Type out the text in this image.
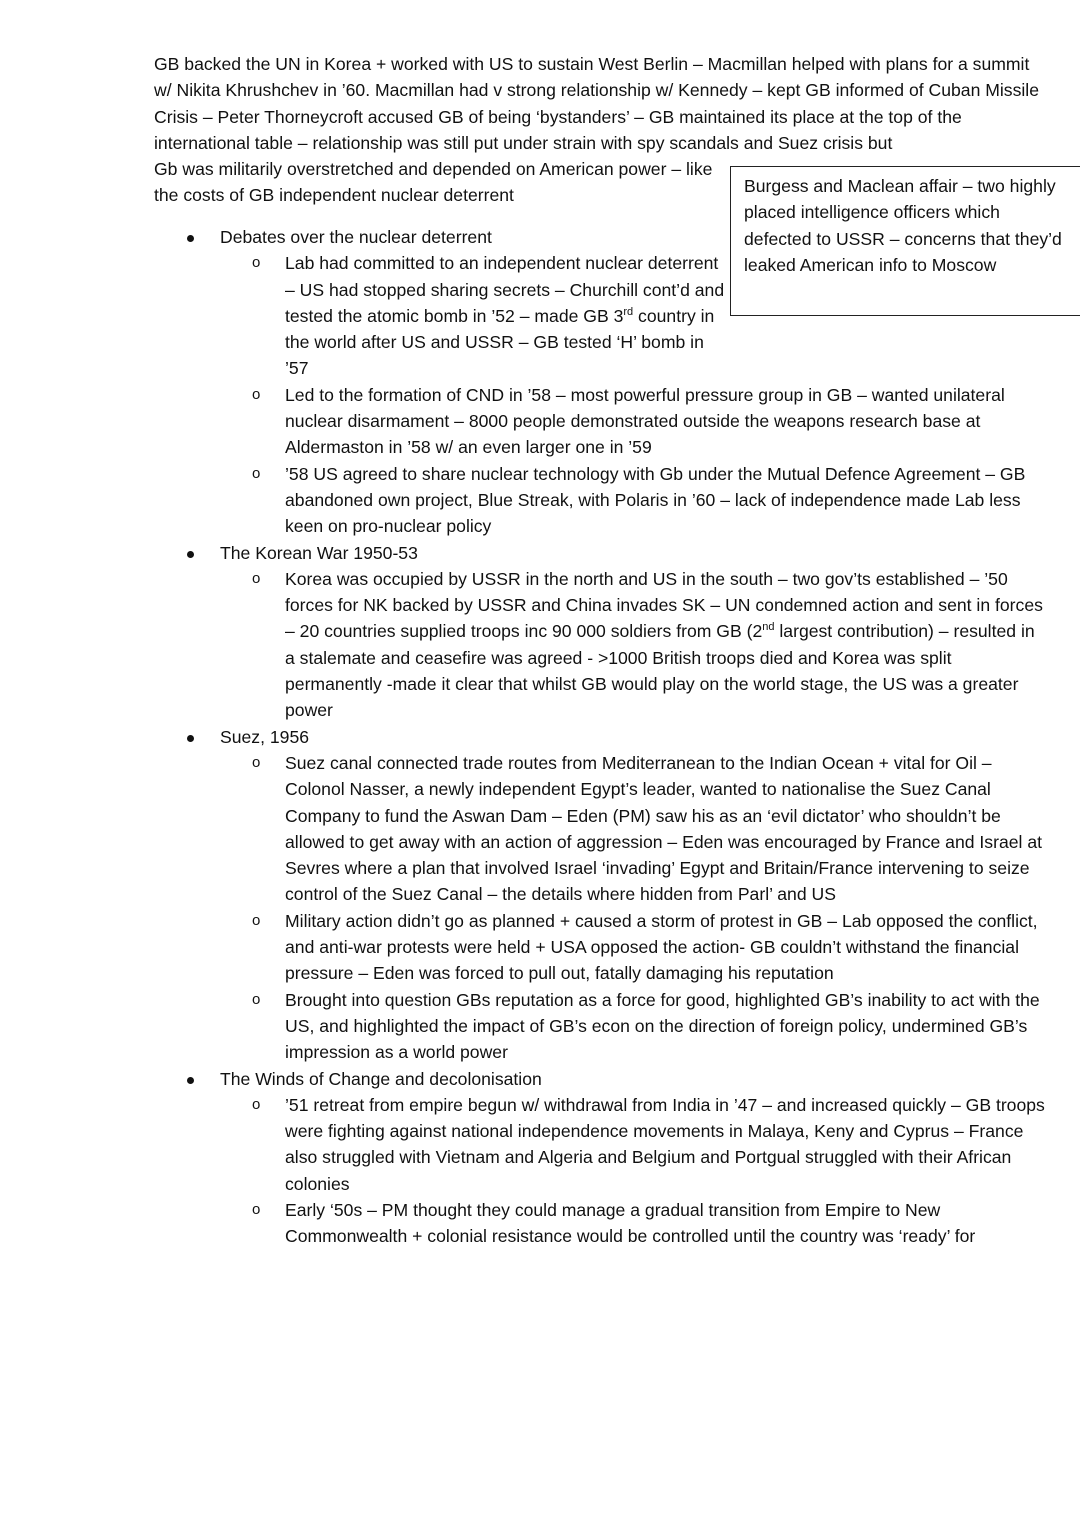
GB backed the UN in Korea + worked with US to sustain West Berlin – Macmillan helped with plans for a summit w/ Nikita Khrushchev in ’60. Macmillan had v strong relationship w/ Kennedy – kept GB informed of Cuban Missile Crisis – Peter Thorneycroft accused GB of being ‘bystanders’ – GB maintained its place at the top of the international table – relationship was still put under strain with spy scandals and Suez crisis but
Gb was militarily overstretched and depended on American power – like the costs of GB independent nuclear deterrent	Burgess and Maclean affair – two highly placed intelligence officers which defected to USSR – concerns that they’d leaked American info to Moscow
Debates over the nuclear deterrent
o Lab had committed to an independent nuclear deterrent – US had stopped sharing secrets – Churchill cont’d and tested the atomic bomb in ’52 – made GB 3rd country in the world after US and USSR – GB tested ‘H’ bomb in ’57
o Led to the formation of CND in ’58 – most powerful pressure group in GB – wanted unilateral nuclear disarmament – 8000 people demonstrated outside the weapons research base at Aldermaston in ’58 w/ an even larger one in ’59
o ’58 US agreed to share nuclear technology with Gb under the Mutual Defence Agreement – GB abandoned own project, Blue Streak, with Polaris in ’60 – lack of independence made Lab less keen on pro-nuclear policy
The Korean War 1950-53
o Korea was occupied by USSR in the north and US in the south – two gov’ts established – ’50 forces for NK backed by USSR and China invades SK – UN condemned action and sent in forces – 20 countries supplied troops inc 90 000 soldiers from GB (2nd largest contribution) – resulted in a stalemate and ceasefire was agreed - >1000 British troops died and Korea was split permanently -made it clear that whilst GB would play on the world stage, the US was a greater power
Suez, 1956
o Suez canal connected trade routes from Mediterranean to the Indian Ocean + vital for Oil – Colonol Nasser, a newly independent Egypt’s leader, wanted to nationalise the Suez Canal Company to fund the Aswan Dam – Eden (PM) saw his as an ‘evil dictator’ who shouldn’t be allowed to get away with an action of aggression – Eden was encouraged by France and Israel at Sevres where a plan that involved Israel ‘invading’ Egypt and Britain/France intervening to seize control of the Suez Canal – the details where hidden from Parl’ and US
o Military action didn’t go as planned + caused a storm of protest in GB – Lab opposed the conflict, and anti-war protests were held + USA opposed the action- GB couldn’t withstand the financial pressure – Eden was forced to pull out, fatally damaging his reputation
o Brought into question GBs reputation as a force for good, highlighted GB’s inability to act with the US, and highlighted the impact of GB’s econ on the direction of foreign policy, undermined GB’s impression as a world power
The Winds of Change and decolonisation
o ’51 retreat from empire begun w/ withdrawal from India in ’47 – and increased quickly – GB troops were fighting against national independence movements in Malaya, Keny and Cyprus – France also struggled with Vietnam and Algeria and Belgium and Portgual struggled with their African colonies
o Early ‘50s – PM thought they could manage a gradual transition from Empire to New Commonwealth + colonial resistance would be controlled until the country was ‘ready’ for
